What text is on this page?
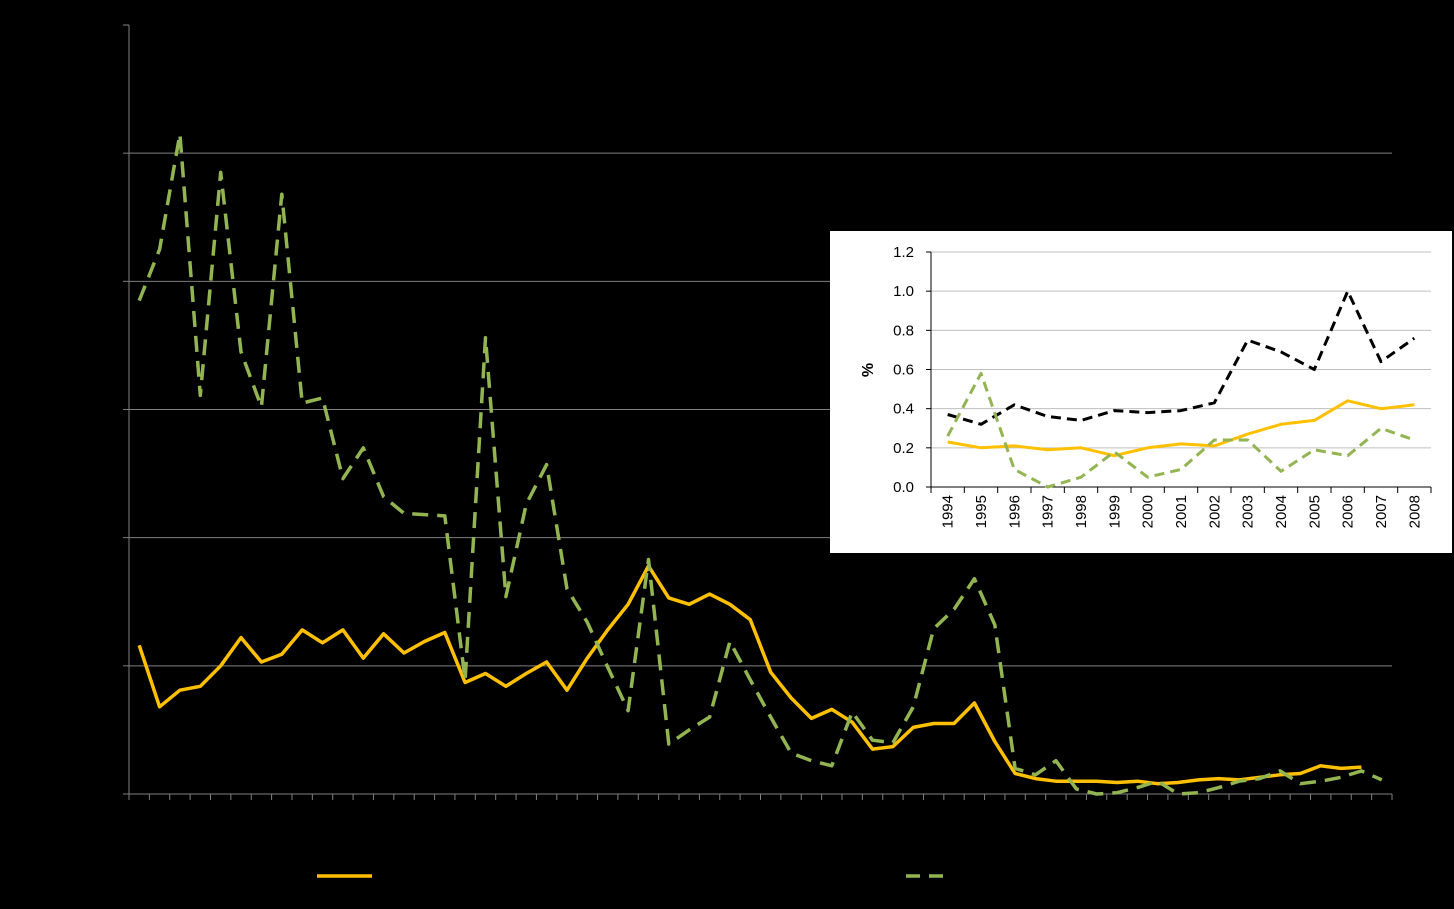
0.0
0.2
0.4
0.6
0.8
1.0
1.2
1994 1995 1996 1997 1998 1999 2000 2001 2002 2003 2004 2005 2006 2007 2008
%
